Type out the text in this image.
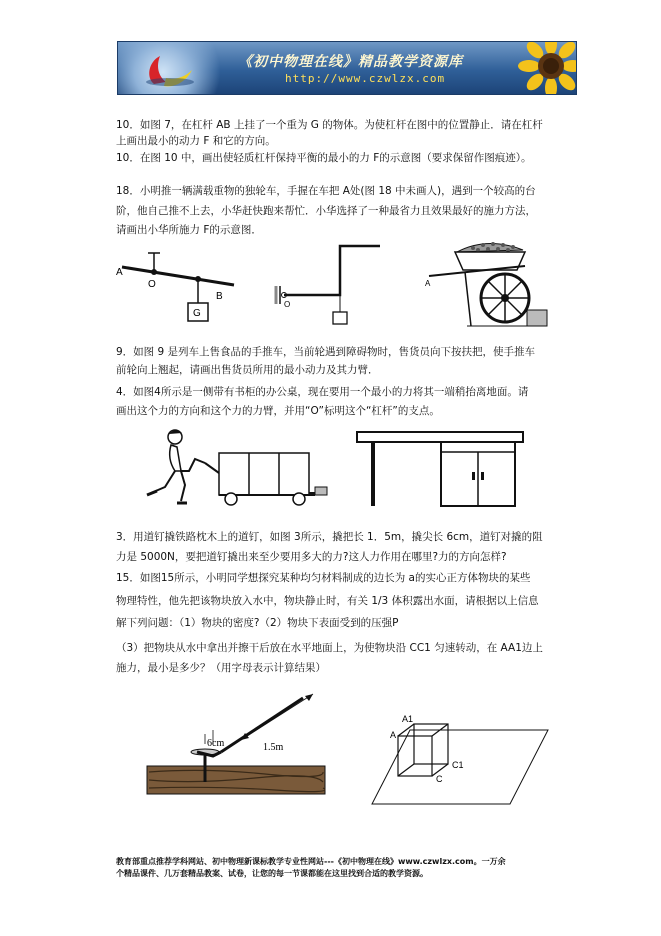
《初中物理在线》精品教学资源库
http://www.czwlzx.com
10．如图 7，在杠杆 AB 上挂了一个重为 G 的物体。为使杠杆在图中的位置静止．请在杠杆
上画出最小的动力 F 和它的方向。
10．在图 10 中，画出使轻质杠杆保持平衡的最小的力 F的示意图（要求保留作图痕迹）。
18．小明推一辆满载重物的独轮车，手握在车把 A处(图 18 中未画人)，遇到一个较高的台
阶，他自己推不上去，小华赶快跑来帮忙．小华选择了一种最省力且效果最好的施力方法，
请画出小华所施力 F的示意图．
A
O
B
G
O
A
9．如图 9 是列车上售食品的手推车，当前轮遇到障碍物时，售货员向下按扶把，使手推车
前轮向上翘起，请画出售货员所用的最小动力及其力臂．
4．如图4所示是一侧带有书柜的办公桌，现在要用一个最小的力将其一端稍抬离地面。请
画出这个力的方向和这个力的力臂，并用“O”标明这个“杠杆”的支点。
3．用道钉撬铁路枕木上的道钉，如图 3所示，撬把长 1．5m，撬尖长 6cm，道钉对撬的阻
力是 5000N，要把道钉撬出来至少要用多大的力?这人力作用在哪里?力的方向怎样?
15．如图15所示，小明同学想探究某种均匀材料制成的边长为 a的实心正方体物块的某些
物理特性，他先把该物块放入水中，物块静止时，有关 1/3 体积露出水面，请根据以上信息
解下列问题：（1）物块的密度?（2）物块下表面受到的压强P
（3）把物块从水中拿出并擦干后放在水平地面上，为使物块沿 CC1 匀速转动，在 AA1边上
施力，最小是多少？（用字母表示计算结果）
6cm	1.5m
A1
A
C
C1
教育部重点推荐学科网站、初中物理新课标教学专业性网站---《初中物理在线》www.czwlzx.com。一万余
个精品课件、几万套精品教案、试卷，让您的每一节课都能在这里找到合适的教学资源。
